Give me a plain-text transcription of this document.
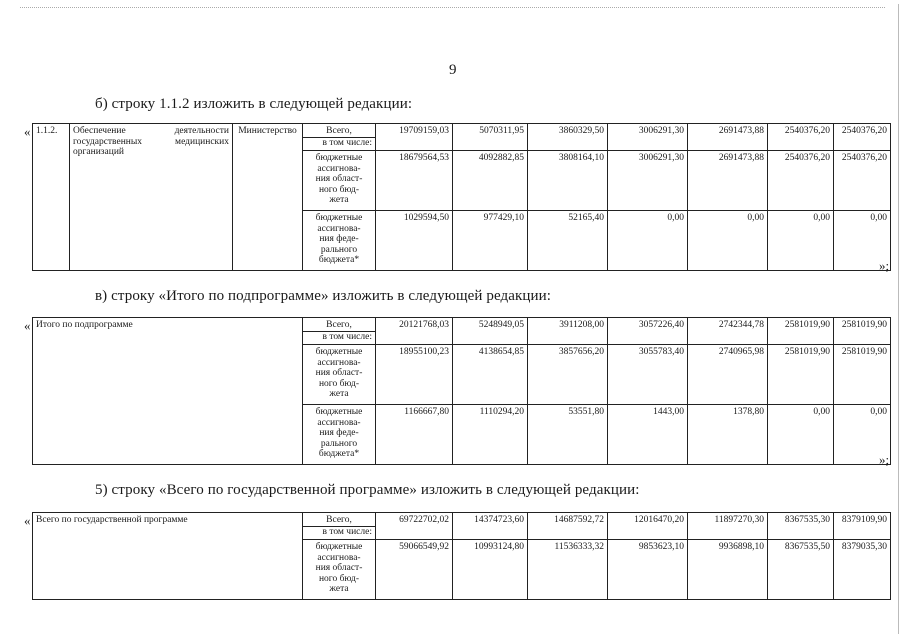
9
б) строку 1.1.2 изложить в следующей редакции:
« 1.1.2.	Обеспечение деятельности государственных медицинских организаций	Министерство	Всего,
в том числе:	19709159,03	5070311,95	3860329,50	3006291,30	2691473,88	2540376,20	2540376,20

			бюджетные
ассигнова-
ния област-
ного бюд-
жета	18679564,53	4092882,85	3808164,10	3006291,30	2691473,88	2540376,20	2540376,20

			бюджетные
ассигнова-
ния феде-
рального
бюджета*	1029594,50	977429,10	52165,40	0,00	0,00	0,00	0,00
»;
в) строку «Итого по подпрограмме» изложить в следующей редакции:
« Итого по подпрограмме	Всего,
в том числе:	20121768,03	5248949,05	3911208,00	3057226,40	2742344,78	2581019,90	2581019,90

	бюджетные
ассигнова-
ния област-
ного бюд-
жета	18955100,23	4138654,85	3857656,20	3055783,40	2740965,98	2581019,90	2581019,90

	бюджетные
ассигнова-
ния феде-
рального
бюджета*	1166667,80	1110294,20	53551,80	1443,00	1378,80	0,00	0,00
»;
5) строку «Всего по государственной программе» изложить в следующей редакции:
« Всего по государственной программе	Всего,
в том числе:	69722702,02	14374723,60	14687592,72	12016470,20	11897270,30	8367535,30	8379109,90

	бюджетные
ассигнова-
ния област-
ного бюд-
жета	59066549,92	10993124,80	11536333,32	9853623,10	9936898,10	8367535,50	8379035,30
